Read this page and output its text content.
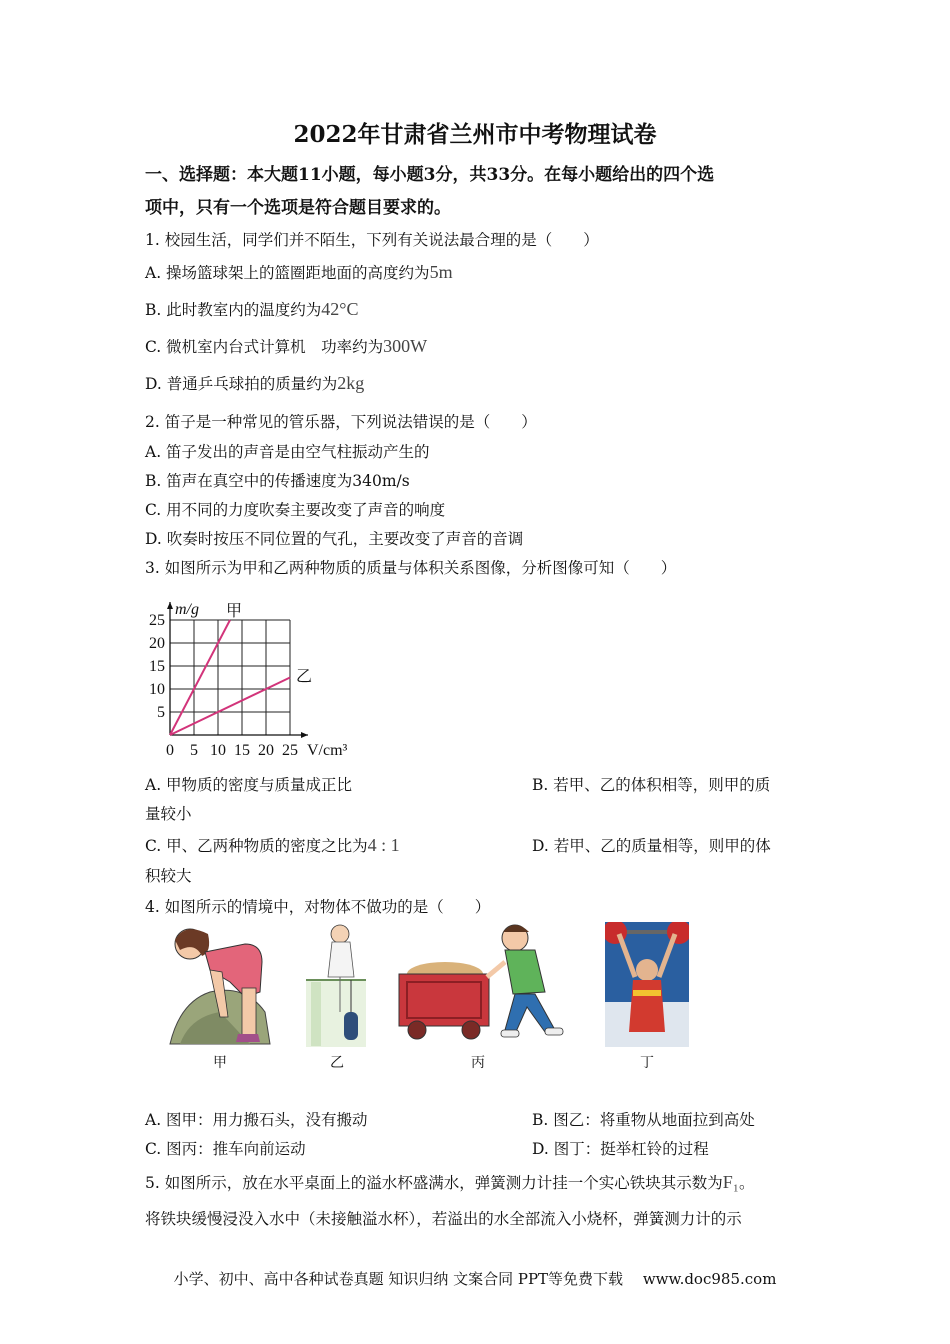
2022年甘肃省兰州市中考物理试卷
一、选择题：本大题11小题，每小题3分，共33分。在每小题给出的四个选
项中，只有一个选项是符合题目要求的。
1. 校园生活，同学们并不陌生，下列有关说法最合理的是（　　）
A. 操场篮球架上的篮圈距地面的高度约为5m
B. 此时教室内的温度约为42°C
C. 微机室内台式计算机　功率约为300W
D. 普通乒乓球拍的质量约为2kg
2. 笛子是一种常见的管乐器，下列说法错误的是（　　）
A. 笛子发出的声音是由空气柱振动产生的
B. 笛声在真空中的传播速度为340m/s
C. 用不同的力度吹奏主要改变了声音的响度
D. 吹奏时按压不同位置的气孔，主要改变了声音的音调
3. 如图所示为甲和乙两种物质的质量与体积关系图像，分析图像可知（　　）
0 5 10 15 20 25
5
10
15
20
25
m/g
V/cm³
甲
乙
A. 甲物质的密度与质量成正比	B. 若甲、乙的体积相等，则甲的质
量较小
C. 甲、乙两种物质的密度之比为4 : 1	D. 若甲、乙的质量相等，则甲的体
积较大
4. 如图所示的情境中，对物体不做功的是（　　）
甲	乙	丙	丁
A. 图甲：用力搬石头，没有搬动	B. 图乙：将重物从地面拉到高处
C. 图丙：推车向前运动	D. 图丁：挺举杠铃的过程
5. 如图所示，放在水平桌面上的溢水杯盛满水，弹簧测力计挂一个实心铁块其示数为F₁。
将铁块缓慢浸没入水中（未接触溢水杯），若溢出的水全部流入小烧杯，弹簧测力计的示
小学、初中、高中各种试卷真题 知识归纳 文案合同 PPT等免费下载　 www.doc985.com
